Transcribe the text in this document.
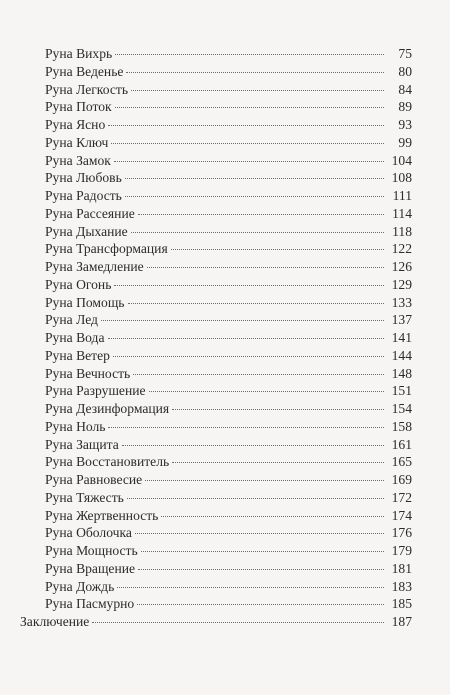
Руна Вихрь	75
Руна Веденье	80
Руна Легкость	84
Руна Поток	89
Руна Ясно	93
Руна Ключ	99
Руна Замок	104
Руна Любовь	108
Руна Радость	111
Руна Рассеяние	114
Руна Дыхание	118
Руна Трансформация	122
Руна Замедление	126
Руна Огонь	129
Руна Помощь	133
Руна Лед	137
Руна Вода	141
Руна Ветер	144
Руна Вечность	148
Руна Разрушение	151
Руна Дезинформация	154
Руна Ноль	158
Руна Защита	161
Руна Восстановитель	165
Руна Равновесие	169
Руна Тяжесть	172
Руна Жертвенность	174
Руна Оболочка	176
Руна Мощность	179
Руна Вращение	181
Руна Дождь	183
Руна Пасмурно	185
Заключение	187
